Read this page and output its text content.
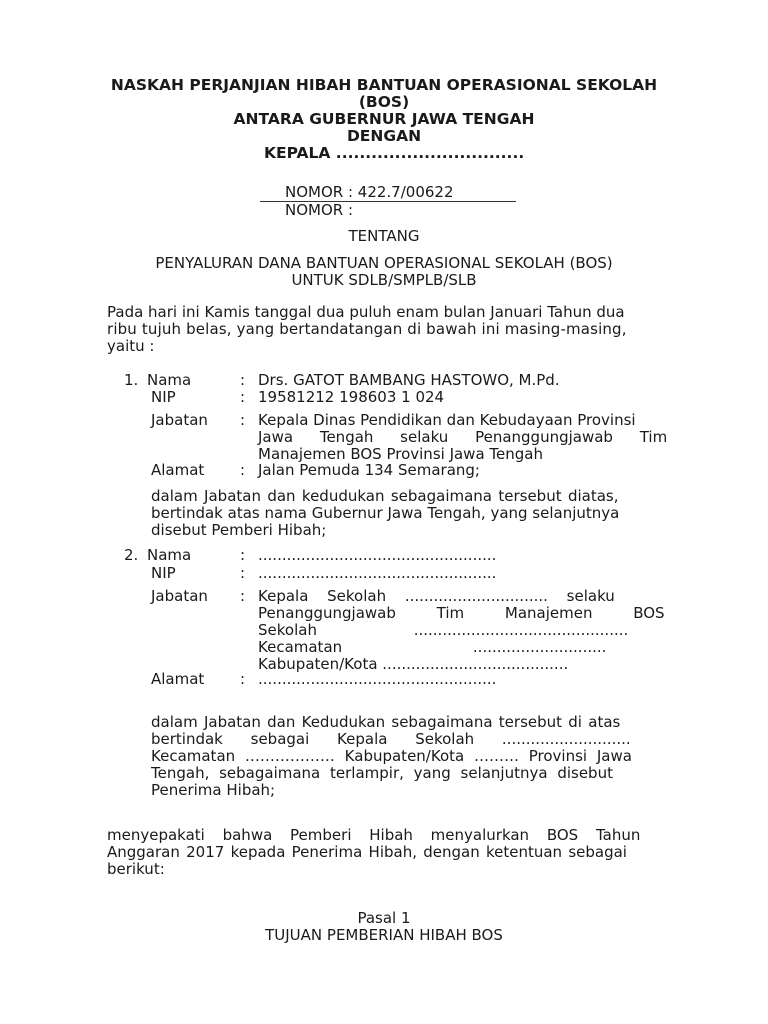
NASKAH PERJANJIAN HIBAH BANTUAN OPERASIONAL SEKOLAH
(BOS)
ANTARA GUBERNUR JAWA TENGAH
DENGAN
KEPALA ................................
NOMOR : 422.7/00622
NOMOR :
TENTANG
PENYALURAN DANA BANTUAN OPERASIONAL SEKOLAH (BOS)
UNTUK SDLB/SMPLB/SLB
Pada hari ini Kamis tanggal dua puluh enam bulan Januari Tahun dua
ribu tujuh belas, yang bertandatangan di bawah ini masing-masing,
yaitu :
1. Nama	: Drs. GATOT BAMBANG HASTOWO, M.Pd.
NIP	: 19581212 198603 1 024
Jabatan : Kepala Dinas Pendidikan dan Kebudayaan Provinsi
Jawa Tengah selaku Penanggungjawab Tim
Manajemen BOS Provinsi Jawa Tengah
Alamat : Jalan Pemuda 134 Semarang;
dalam Jabatan dan kedudukan sebagaimana tersebut diatas,
bertindak atas nama Gubernur Jawa Tengah, yang selanjutnya
disebut Pemberi Hibah;
2. Nama	: ..................................................
NIP	: ..................................................
Jabatan : Kepala Sekolah .............................. selaku
Penanggungjawab Tim Manajemen BOS
Sekolah .............................................
Kecamatan ............................
Kabupaten/Kota .......................................
Alamat : ..................................................
dalam Jabatan dan Kedudukan sebagaimana tersebut di atas
bertindak sebagai Kepala Sekolah ...........................
Kecamatan ……………… Kabupaten/Kota ……… Provinsi Jawa
Tengah, sebagaimana terlampir, yang selanjutnya disebut
Penerima Hibah;
menyepakati bahwa Pemberi Hibah menyalurkan BOS Tahun
Anggaran 2017 kepada Penerima Hibah, dengan ketentuan sebagai
berikut:
Pasal 1
TUJUAN PEMBERIAN HIBAH BOS
